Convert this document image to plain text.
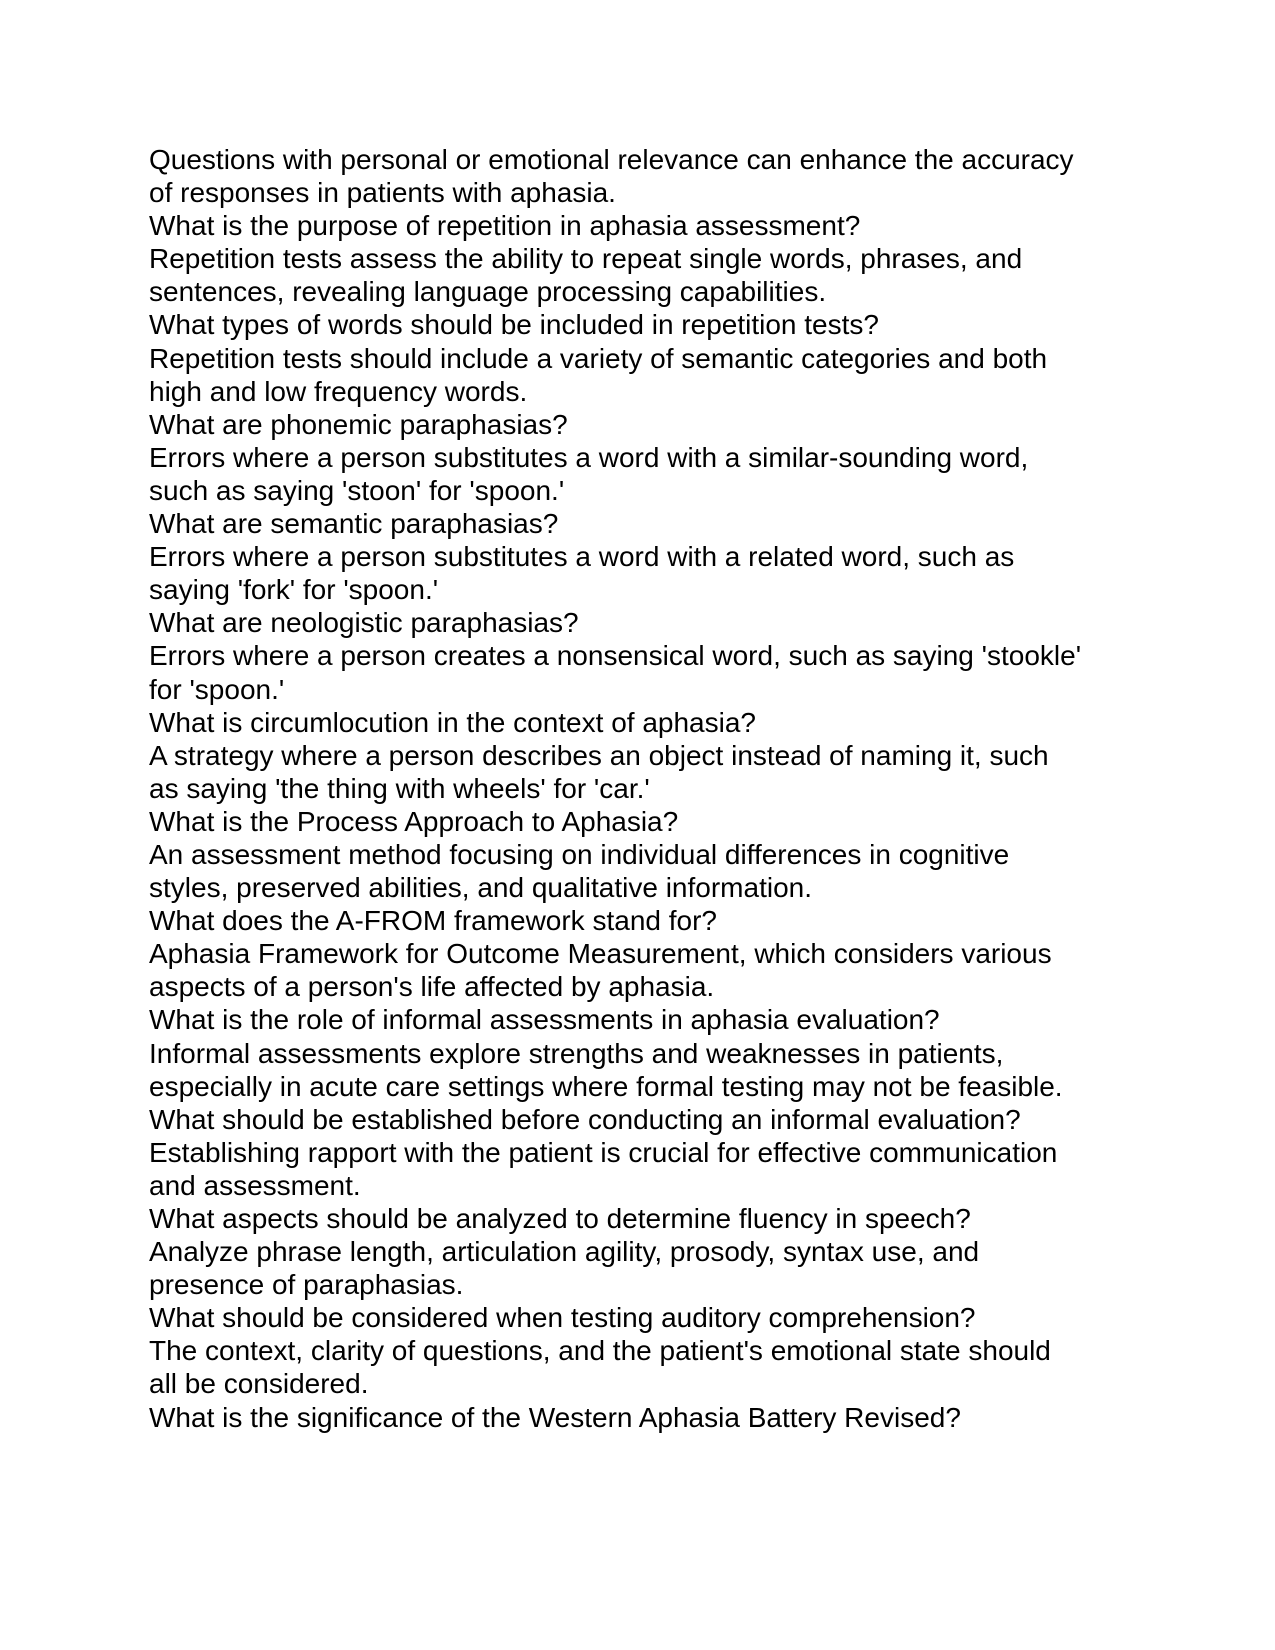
Questions with personal or emotional relevance can enhance the accuracy
of responses in patients with aphasia.
What is the purpose of repetition in aphasia assessment?
Repetition tests assess the ability to repeat single words, phrases, and
sentences, revealing language processing capabilities.
What types of words should be included in repetition tests?
Repetition tests should include a variety of semantic categories and both
high and low frequency words.
What are phonemic paraphasias?
Errors where a person substitutes a word with a similar-sounding word,
such as saying 'stoon' for 'spoon.'
What are semantic paraphasias?
Errors where a person substitutes a word with a related word, such as
saying 'fork' for 'spoon.'
What are neologistic paraphasias?
Errors where a person creates a nonsensical word, such as saying 'stookle'
for 'spoon.'
What is circumlocution in the context of aphasia?
A strategy where a person describes an object instead of naming it, such
as saying 'the thing with wheels' for 'car.'
What is the Process Approach to Aphasia?
An assessment method focusing on individual differences in cognitive
styles, preserved abilities, and qualitative information.
What does the A-FROM framework stand for?
Aphasia Framework for Outcome Measurement, which considers various
aspects of a person's life affected by aphasia.
What is the role of informal assessments in aphasia evaluation?
Informal assessments explore strengths and weaknesses in patients,
especially in acute care settings where formal testing may not be feasible.
What should be established before conducting an informal evaluation?
Establishing rapport with the patient is crucial for effective communication
and assessment.
What aspects should be analyzed to determine fluency in speech?
Analyze phrase length, articulation agility, prosody, syntax use, and
presence of paraphasias.
What should be considered when testing auditory comprehension?
The context, clarity of questions, and the patient's emotional state should
all be considered.
What is the significance of the Western Aphasia Battery Revised?
